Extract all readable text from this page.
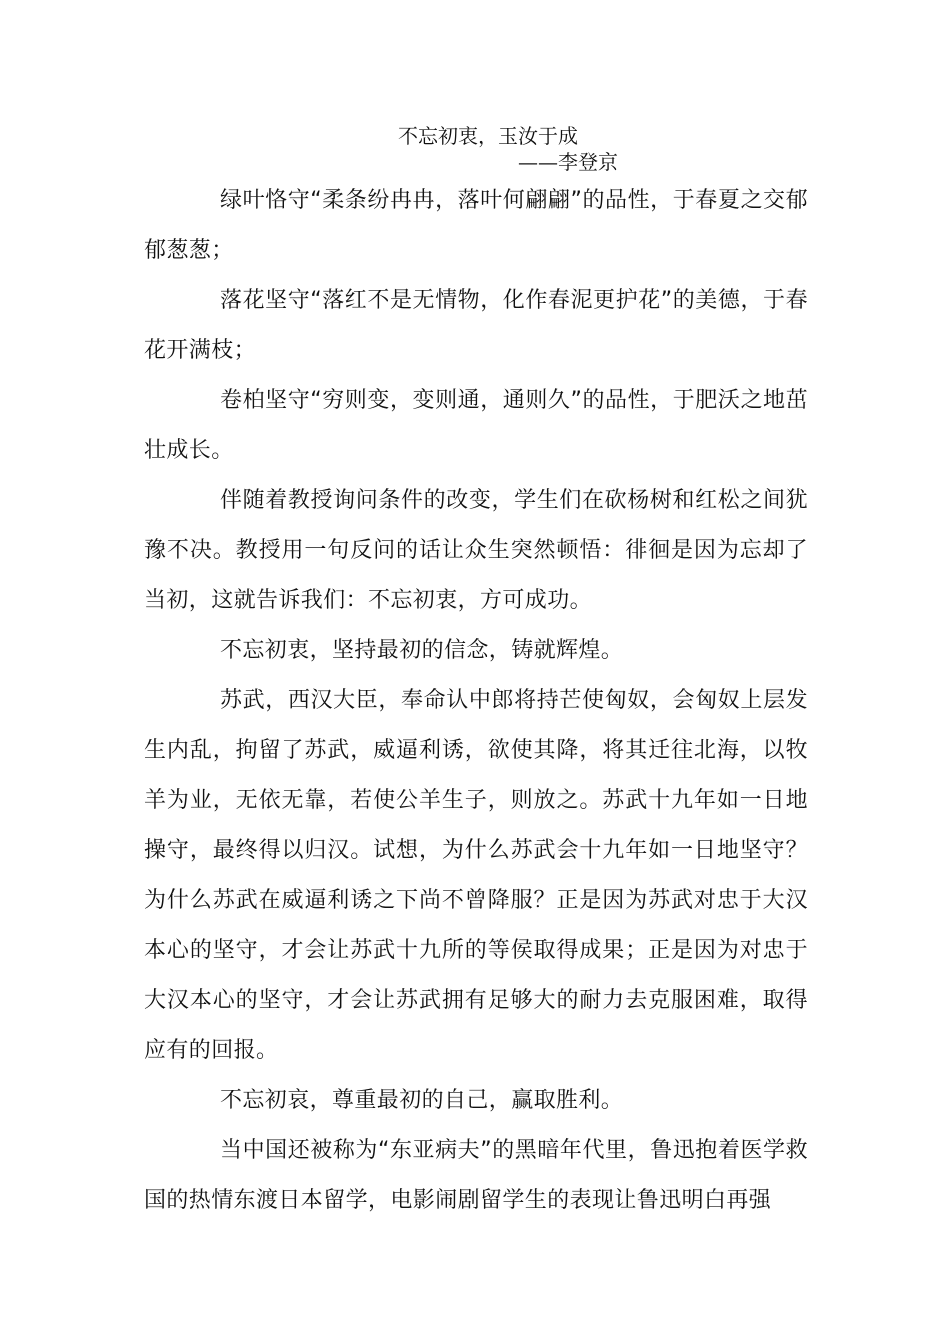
不忘初衷，玉汝于成
——李登京

绿叶恪守“柔条纷冉冉，落叶何翩翩”的品性，于春夏之交郁郁葱葱；

落花坚守“落红不是无情物，化作春泥更护花”的美德，于春花开满枝；

卷柏坚守“穷则变，变则通，通则久”的品性，于肥沃之地茁壮成长。

伴随着教授询问条件的改变，学生们在砍杨树和红松之间犹豫不决。教授用一句反问的话让众生突然顿悟：徘徊是因为忘却了当初，这就告诉我们：不忘初衷，方可成功。

不忘初衷，坚持最初的信念，铸就辉煌。

苏武，西汉大臣，奉命认中郎将持芒使匈奴，会匈奴上层发生内乱，拘留了苏武，威逼利诱，欲使其降，将其迁往北海，以牧羊为业，无依无靠，若使公羊生子，则放之。苏武十九年如一日地操守，最终得以归汉。试想，为什么苏武会十九年如一日地坚守？为什么苏武在威逼利诱之下尚不曾降服？正是因为苏武对忠于大汉本心的坚守，才会让苏武十九所的等侯取得成果；正是因为对忠于大汉本心的坚守，才会让苏武拥有足够大的耐力去克服困难，取得应有的回报。

不忘初哀，尊重最初的自己，赢取胜利。

当中国还被称为“东亚病夫”的黑暗年代里，鲁迅抱着医学救国的热情东渡日本留学，电影闹剧留学生的表现让鲁迅明白再强
